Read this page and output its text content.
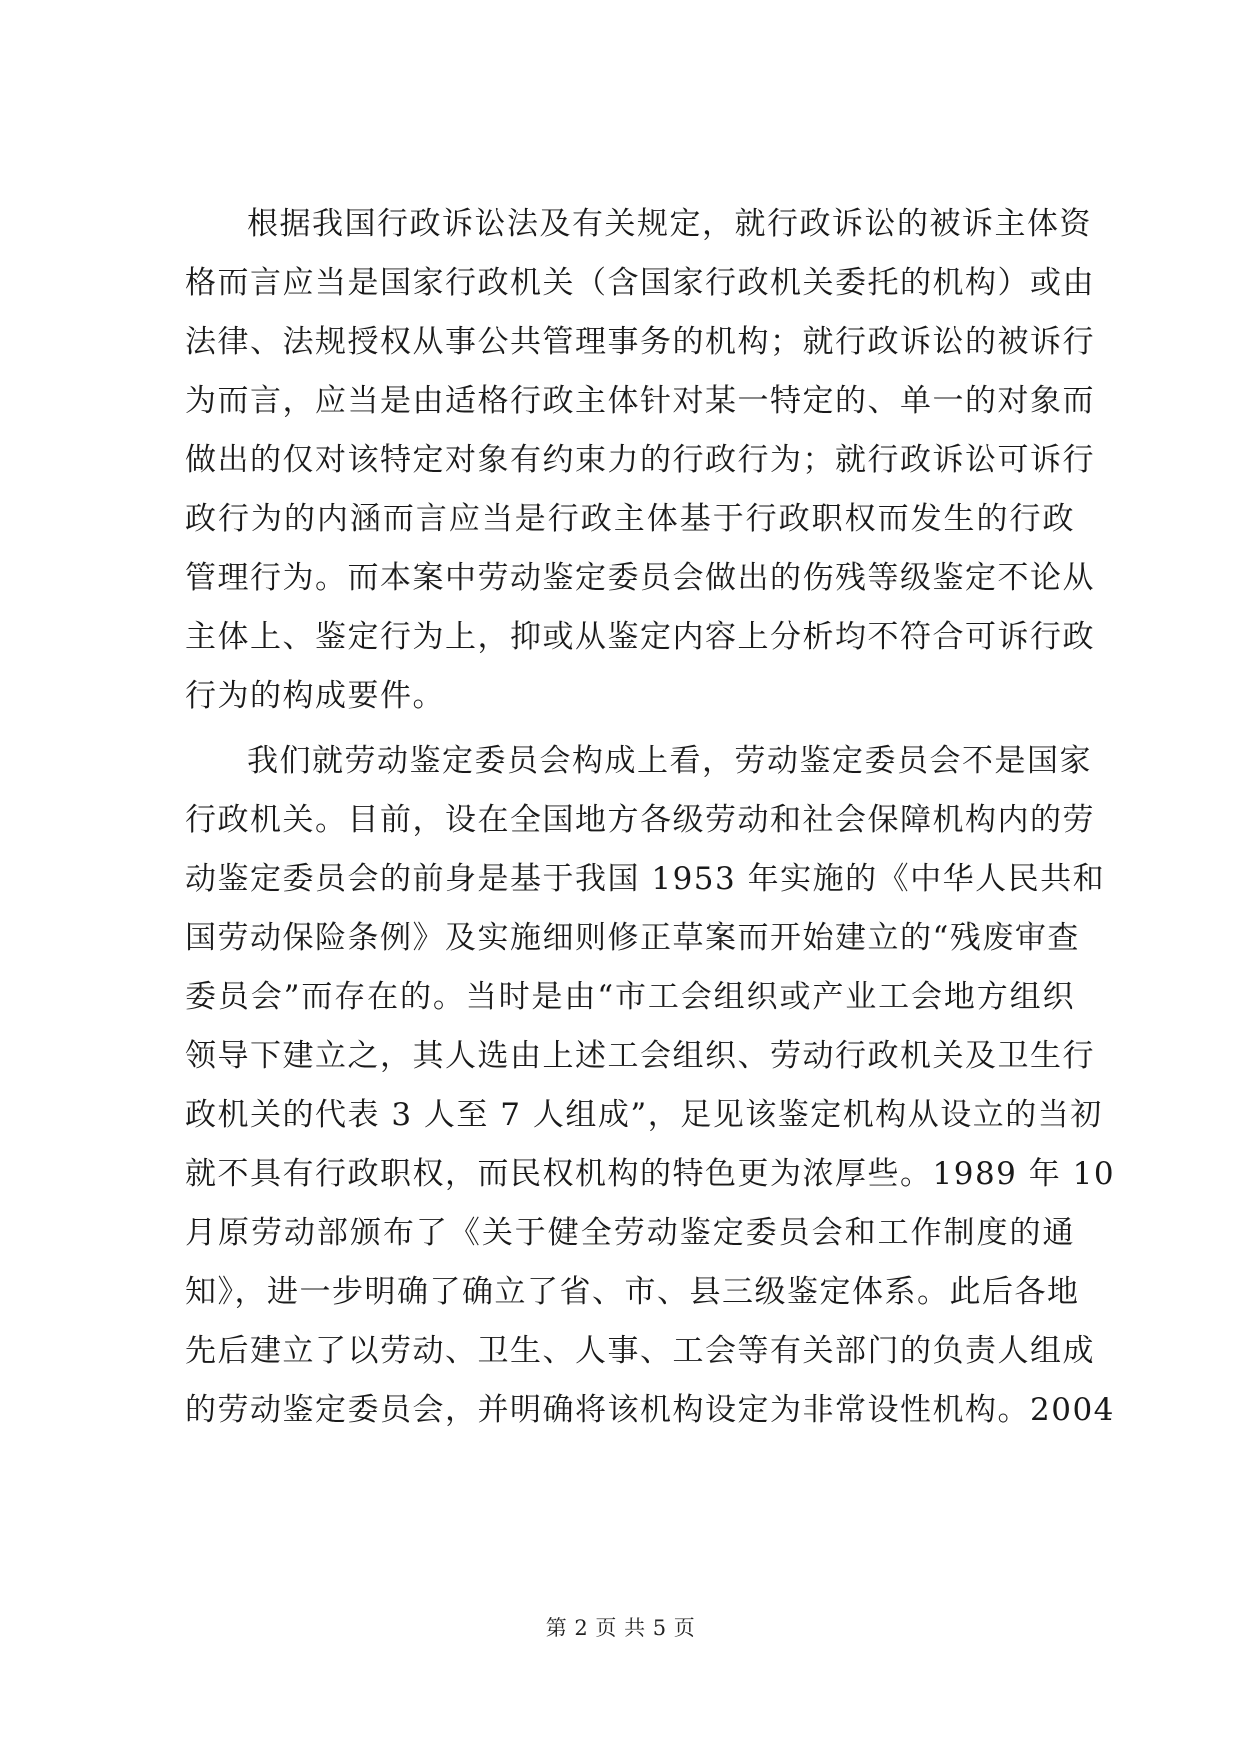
根据我国行政诉讼法及有关规定，就行政诉讼的被诉主体资
格而言应当是国家行政机关（含国家行政机关委托的机构）或由
法律、法规授权从事公共管理事务的机构；就行政诉讼的被诉行
为而言，应当是由适格行政主体针对某一特定的、单一的对象而
做出的仅对该特定对象有约束力的行政行为；就行政诉讼可诉行
政行为的内涵而言应当是行政主体基于行政职权而发生的行政
管理行为。而本案中劳动鉴定委员会做出的伤残等级鉴定不论从
主体上、鉴定行为上，抑或从鉴定内容上分析均不符合可诉行政
行为的构成要件。
我们就劳动鉴定委员会构成上看，劳动鉴定委员会不是国家
行政机关。目前，设在全国地方各级劳动和社会保障机构内的劳
动鉴定委员会的前身是基于我国 1953 年实施的《中华人民共和
国劳动保险条例》及实施细则修正草案而开始建立的“残废审查
委员会”而存在的。当时是由“市工会组织或产业工会地方组织
领导下建立之，其人选由上述工会组织、劳动行政机关及卫生行
政机关的代表 3 人至 7 人组成”，足见该鉴定机构从设立的当初
就不具有行政职权，而民权机构的特色更为浓厚些。1989 年 10
月原劳动部颁布了《关于健全劳动鉴定委员会和工作制度的通
知》，进一步明确了确立了省、市、县三级鉴定体系。此后各地
先后建立了以劳动、卫生、人事、工会等有关部门的负责人组成
的劳动鉴定委员会，并明确将该机构设定为非常设性机构。2004
第 2 页 共 5 页
